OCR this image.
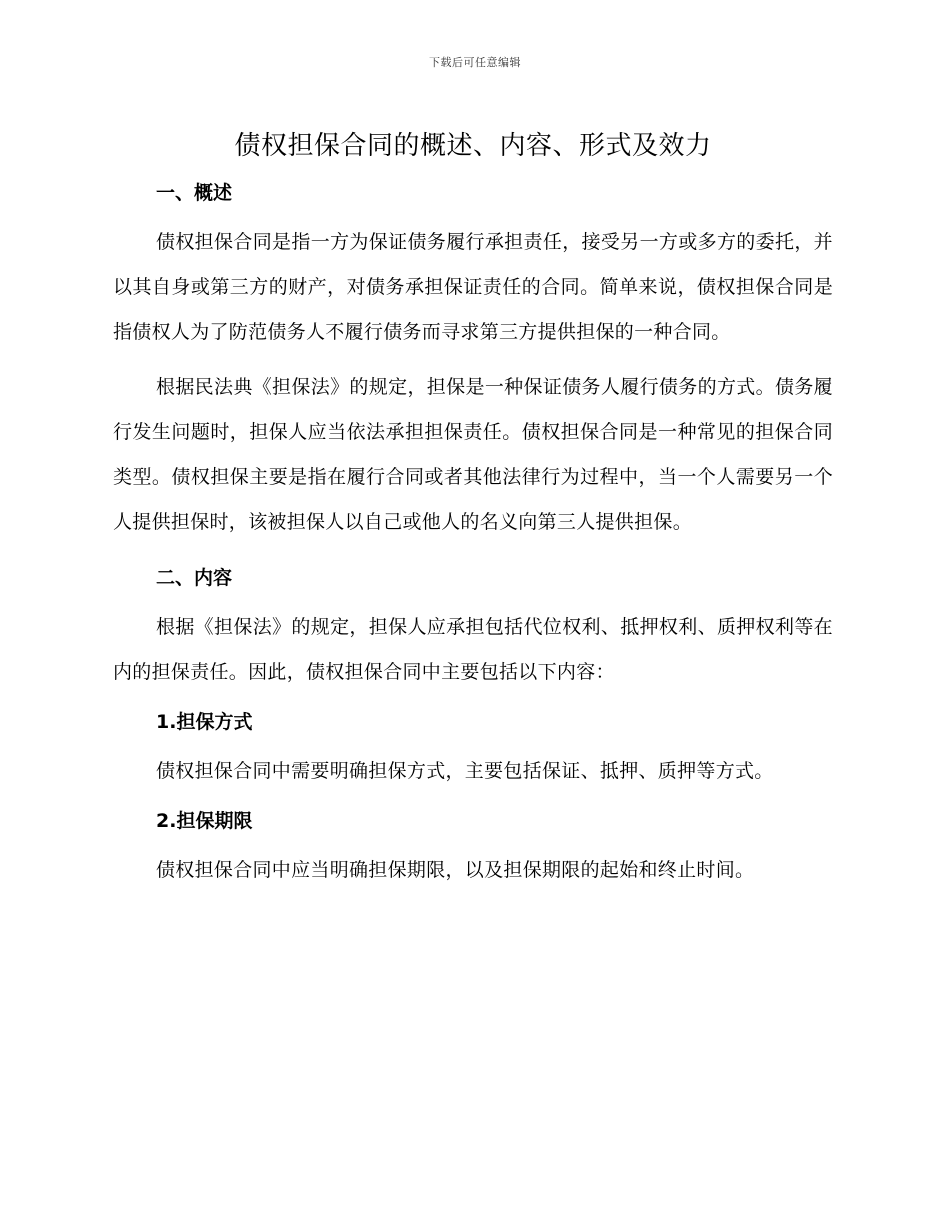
下载后可任意编辑
债权担保合同的概述、内容、形式及效力
一、概述

债权担保合同是指一方为保证债务履行承担责任，接受另一方或多方的委托，并以其自身或第三方的财产，对债务承担保证责任的合同。简单来说，债权担保合同是指债权人为了防范债务人不履行债务而寻求第三方提供担保的一种合同。

根据民法典《担保法》的规定，担保是一种保证债务人履行债务的方式。债务履行发生问题时，担保人应当依法承担担保责任。债权担保合同是一种常见的担保合同类型。债权担保主要是指在履行合同或者其他法律行为过程中，当一个人需要另一个人提供担保时，该被担保人以自己或他人的名义向第三人提供担保。

二、内容

根据《担保法》的规定，担保人应承担包括代位权利、抵押权利、质押权利等在内的担保责任。因此，债权担保合同中主要包括以下内容：

1.担保方式

债权担保合同中需要明确担保方式，主要包括保证、抵押、质押等方式。

2.担保期限

债权担保合同中应当明确担保期限，以及担保期限的起始和终止时间。
